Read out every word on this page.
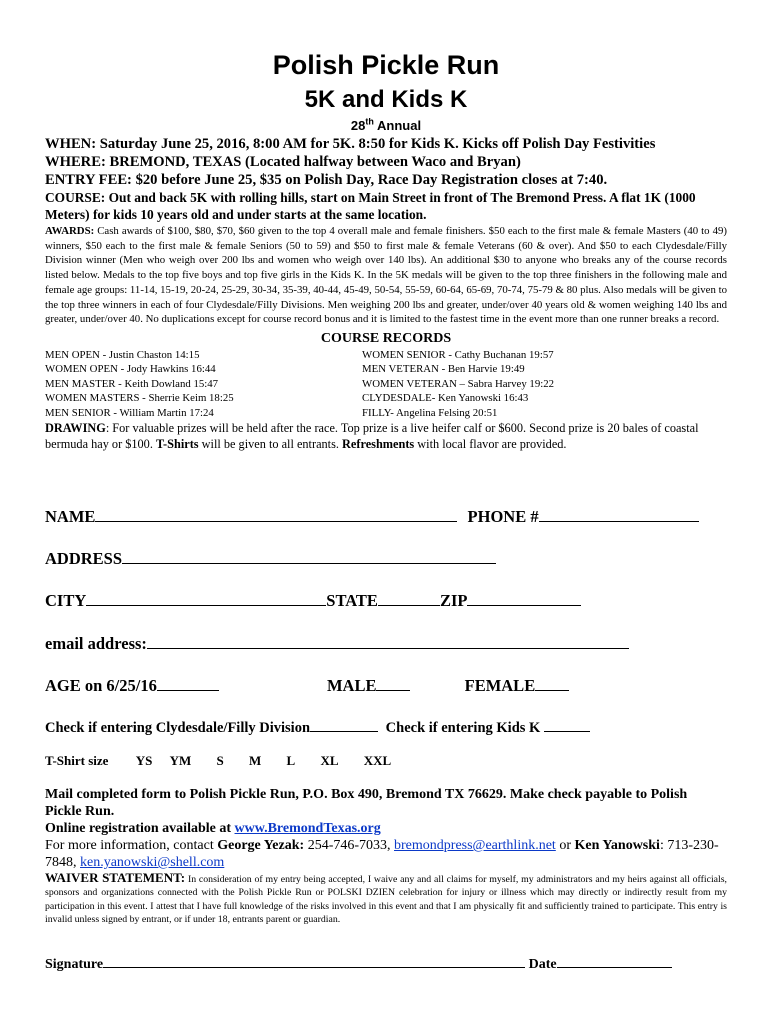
Polish Pickle Run
5K and Kids K
28th Annual
WHEN: Saturday June 25, 2016, 8:00 AM for 5K. 8:50 for Kids K. Kicks off Polish Day Festivities
WHERE: BREMOND, TEXAS (Located halfway between Waco and Bryan)
ENTRY FEE: $20 before June 25, $35 on Polish Day, Race Day Registration closes at 7:40.
COURSE: Out and back 5K with rolling hills, start on Main Street in front of The Bremond Press. A flat 1K (1000 Meters) for kids 10 years old and under starts at the same location.
AWARDS: Cash awards of $100, $80, $70, $60 given to the top 4 overall male and female finishers. $50 each to the first male & female Masters (40 to 49) winners, $50 each to the first male & female Seniors (50 to 59) and $50 to first male & female Veterans (60 & over). And $50 to each Clydesdale/Filly Division winner (Men who weigh over 200 lbs and women who weigh over 140 lbs). An additional $30 to anyone who breaks any of the course records listed below. Medals to the top five boys and top five girls in the Kids K. In the 5K medals will be given to the top three finishers in the following male and female age groups: 11-14, 15-19, 20-24, 25-29, 30-34, 35-39, 40-44, 45-49, 50-54, 55-59, 60-64, 65-69, 70-74, 75-79 & 80 plus. Also medals will be given to the top three winners in each of four Clydesdale/Filly Divisions. Men weighing 200 lbs and greater, under/over 40 years old & women weighing 140 lbs and greater, under/over 40. No duplications except for course record bonus and it is limited to the fastest time in the event more than one runner breaks a record.
COURSE RECORDS
MEN OPEN - Justin Chaston 14:15
WOMEN OPEN - Jody Hawkins 16:44
MEN MASTER - Keith Dowland 15:47
WOMEN MASTERS - Sherrie Keim 18:25
MEN SENIOR - William Martin 17:24
WOMEN SENIOR - Cathy Buchanan 19:57
MEN VETERAN - Ben Harvie 19:49
WOMEN VETERAN – Sabra Harvey 19:22
CLYDESDALE- Ken Yanowski 16:43
FILLY- Angelina Felsing 20:51
DRAWING: For valuable prizes will be held after the race. Top prize is a live heifer calf or $600. Second prize is 20 bales of coastal bermuda hay or $100. T-Shirts will be given to all entrants. Refreshments with local flavor are provided.
NAME	PHONE #
ADDRESS
CITY	STATE	ZIP
email address:
AGE on 6/25/16	MALE	FEMALE
Check if entering Clydesdale/Filly Division	Check if entering Kids K
T-Shirt size YS YM S M L XL XXL
Mail completed form to Polish Pickle Run, P.O. Box 490, Bremond TX 76629. Make check payable to Polish Pickle Run.
Online registration available at www.BremondTexas.org
For more information, contact George Yezak: 254-746-7033, bremondpress@earthlink.net or Ken Yanowski: 713-230-7848, ken.yanowski@shell.com
WAIVER STATEMENT: In consideration of my entry being accepted, I waive any and all claims for myself, my administrators and my heirs against all officials, sponsors and organizations connected with the Polish Pickle Run or POLSKI DZIEN celebration for injury or illness which may directly or indirectly result from my participation in this event. I attest that I have full knowledge of the risks involved in this event and that I am physically fit and sufficiently trained to participate. This entry is invalid unless signed by entrant, or if under 18, entrants parent or guardian.
Signature	Date
